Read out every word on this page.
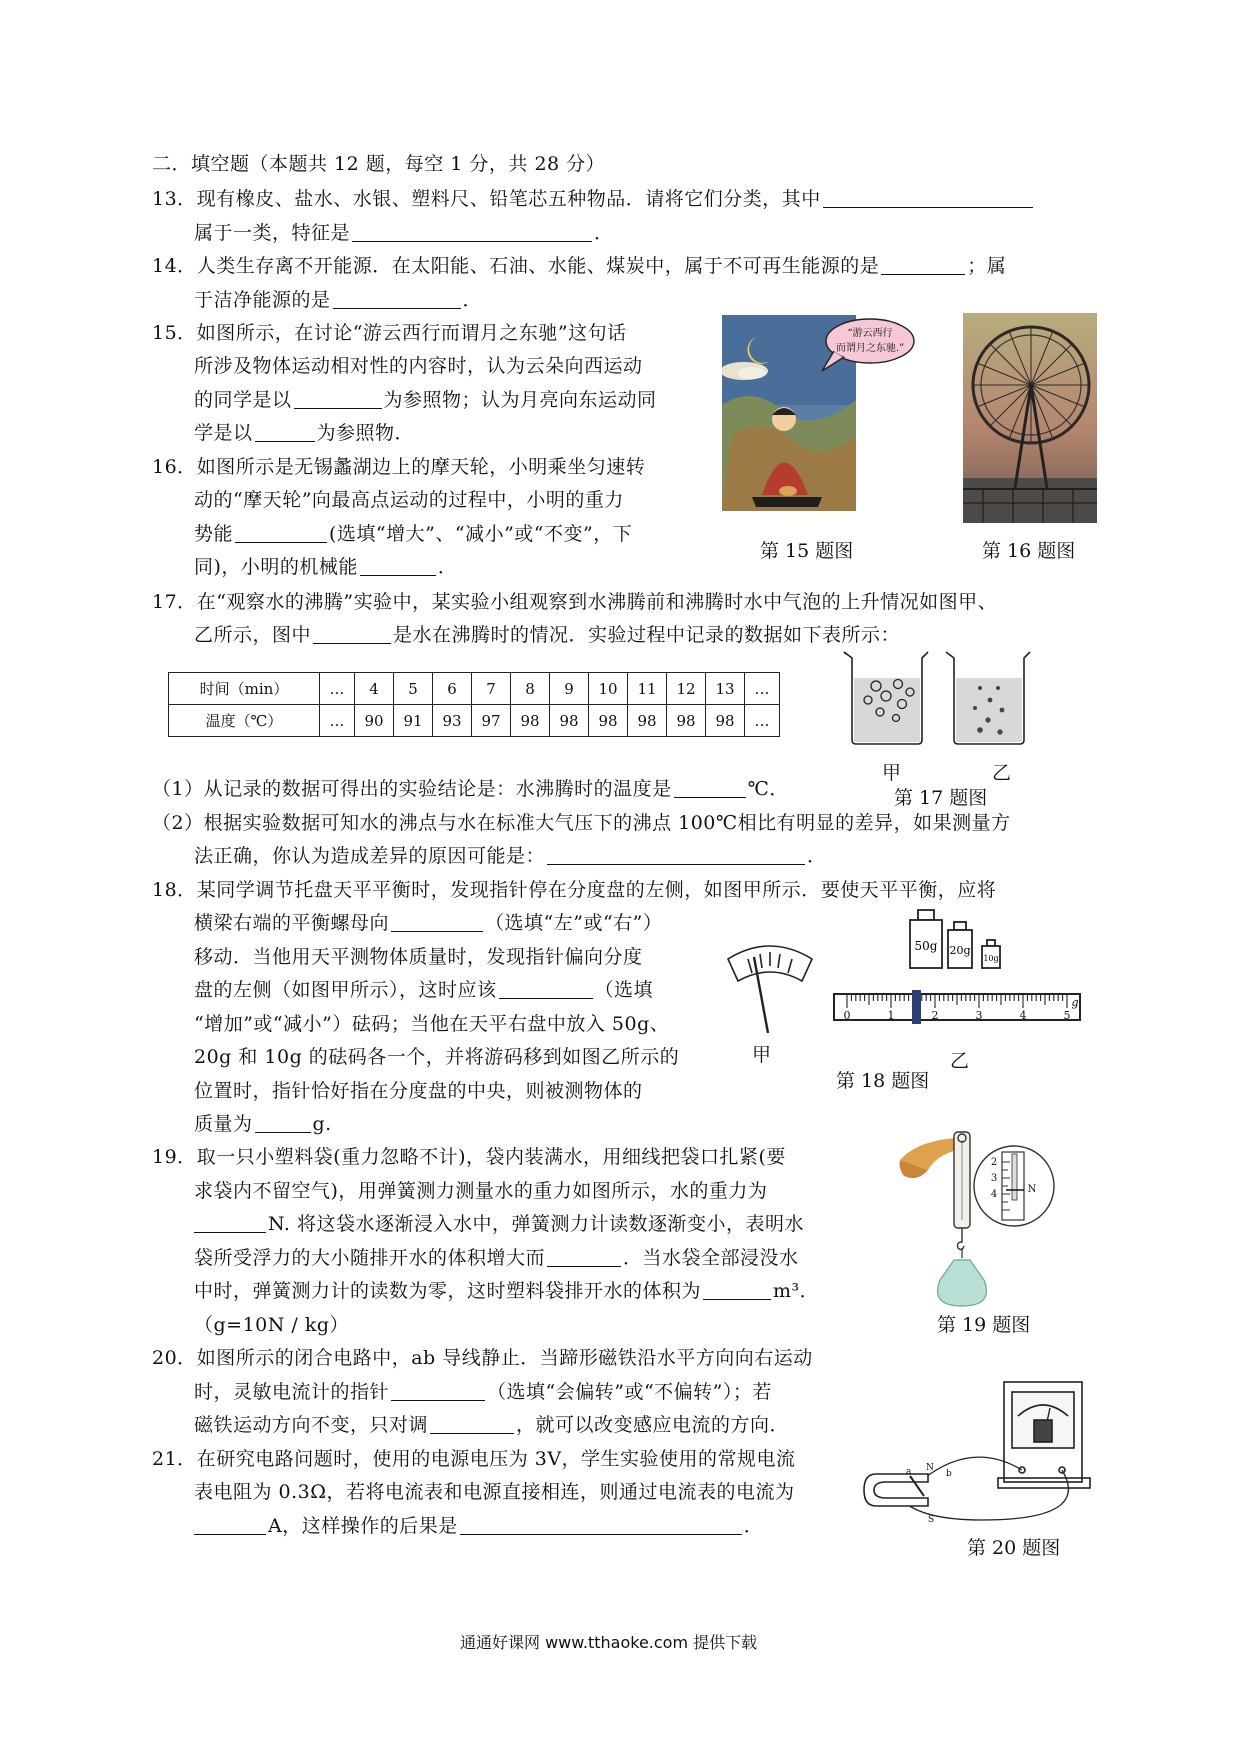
二．填空题（本题共 12 题，每空 1 分，共 28 分）
13．现有橡皮、盐水、水银、塑料尺、铅笔芯五种物品．请将它们分类，其中
属于一类，特征是	．
14．人类生存离不开能源．在太阳能、石油、水能、煤炭中，属于不可再生能源的是	；属
于洁净能源的是	．
15．如图所示，在讨论“游云西行而谓月之东驰”这句话
所涉及物体运动相对性的内容时，认为云朵向西运动
的同学是以	为参照物；认为月亮向东运动同
学是以	为参照物．
16．如图所示是无锡蠡湖边上的摩天轮，小明乘坐匀速转
动的“摩天轮”向最高点运动的过程中，小明的重力
势能	(选填“增大”、“减小”或“不变”，下
同)，小明的机械能	．
“游云西行
而谓月之东驰.”
第 15 题图	第 16 题图
17．在“观察水的沸腾”实验中，某实验小组观察到水沸腾前和沸腾时水中气泡的上升情况如图甲、
乙所示，图中	是水在沸腾时的情况．实验过程中记录的数据如下表所示：
时间（min）	…	4	5	6	7	8	9	10	11	12	13	…
温度（℃）	…	90	91	93	97	98	98	98	98	98	98	…
甲	乙
第 17 题图
（1）从记录的数据可得出的实验结论是：水沸腾时的温度是	℃．
（2）根据实验数据可知水的沸点与水在标准大气压下的沸点 100℃相比有明显的差异，如果测量方
法正确，你认为造成差异的原因可能是：	．
18．某同学调节托盘天平平衡时，发现指针停在分度盘的左侧，如图甲所示．要使天平平衡，应将
横梁右端的平衡螺母向	（选填“左”或“右”）
移动．当他用天平测物体质量时，发现指针偏向分度
盘的左侧（如图甲所示），这时应该	（选填
“增加”或“减小”）砝码；当他在天平右盘中放入 50g、
20g 和 10g 的砝码各一个，并将游码移到如图乙所示的
位置时，指针恰好指在分度盘的中央，则被测物体的
质量为	g.
甲
50g 20g
10g
0	1	2	3	4	5
g
第 18 题图
乙
19．取一只小塑料袋(重力忽略不计)，袋内装满水，用细线把袋口扎紧(要
求袋内不留空气)，用弹簧测力测量水的重力如图所示，水的重力为
N. 将这袋水逐渐浸入水中，弹簧测力计读数逐渐变小，表明水
袋所受浮力的大小随排开水的体积增大而	．当水袋全部浸没水
中时，弹簧测力计的读数为零，这时塑料袋排开水的体积为	m³．
（g=10N / kg）
2
3
4	N
第 19 题图
20．如图所示的闭合电路中，ab 导线静止．当蹄形磁铁沿水平方向向右运动
时，灵敏电流计的指针	（选填“会偏转”或“不偏转”）；若
磁铁运动方向不变，只对调	，就可以改变感应电流的方向．
21．在研究电路问题时，使用的电源电压为 3V，学生实验使用的常规电流
表电阻为 0.3Ω，若将电流表和电源直接相连，则通过电流表的电流为
A，这样操作的后果是	．
N
S
a	b
第 20 题图
通通好课网 www.tthaoke.com 提供下载
